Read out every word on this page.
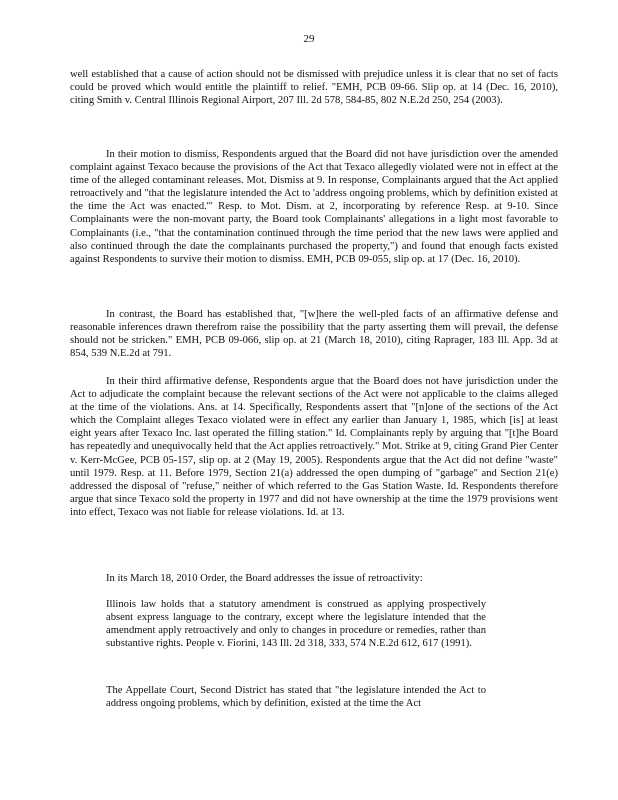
29

well established that a cause of action should not be dismissed with prejudice unless it is clear that no set of facts could be proved which would entitle the plaintiff to relief. "EMH, PCB 09-66. Slip op. at 14 (Dec. 16, 2010), citing Smith v. Central Illinois Regional Airport, 207 Ill. 2d 578, 584-85, 802 N.E.2d 250, 254 (2003).

In their motion to dismiss, Respondents argued that the Board did not have jurisdiction over the amended complaint against Texaco because the provisions of the Act that Texaco allegedly violated were not in effect at the time of the alleged contaminant releases. Mot. Dismiss at 9. In response, Complainants argued that the Act applied retroactively and "that the legislature intended the Act to 'address ongoing problems, which by definition existed at the time the Act was enacted.'" Resp. to Mot. Dism. at 2, incorporating by reference Resp. at 9-10. Since Complainants were the non-movant party, the Board took Complainants' allegations in a light most favorable to Complainants (i.e., "that the contamination continued through the time period that the new laws were applied and also continued through the date the complainants purchased the property,") and found that enough facts existed against Respondents to survive their motion to dismiss. EMH, PCB 09-055, slip op. at 17 (Dec. 16, 2010).

In contrast, the Board has established that, "[w]here the well-pled facts of an affirmative defense and reasonable inferences drawn therefrom raise the possibility that the party asserting them will prevail, the defense should not be stricken." EMH, PCB 09-066, slip op. at 21 (March 18, 2010), citing Raprager, 183 Ill. App. 3d at 854, 539 N.E.2d at 791.

In their third affirmative defense, Respondents argue that the Board does not have jurisdiction under the Act to adjudicate the complaint because the relevant sections of the Act were not applicable to the claims alleged at the time of the violations. Ans. at 14. Specifically, Respondents assert that "[n]one of the sections of the Act which the Complaint alleges Texaco violated were in effect any earlier than January 1, 1985, which [is] at least eight years after Texaco Inc. last operated the filling station." Id. Complainants reply by arguing that "[t]he Board has repeatedly and unequivocally held that the Act applies retroactively." Mot. Strike at 9, citing Grand Pier Center v. Kerr-McGee, PCB 05-157, slip op. at 2 (May 19, 2005). Respondents argue that the Act did not define "waste" until 1979. Resp. at 11. Before 1979, Section 21(a) addressed the open dumping of "garbage" and Section 21(e) addressed the disposal of "refuse," neither of which referred to the Gas Station Waste. Id. Respondents therefore argue that since Texaco sold the property in 1977 and did not have ownership at the time the 1979 provisions went into effect, Texaco was not liable for release violations. Id. at 13.

In its March 18, 2010 Order, the Board addresses the issue of retroactivity:

Illinois law holds that a statutory amendment is construed as applying prospectively absent express language to the contrary, except where the legislature intended that the amendment apply retroactively and only to changes in procedure or remedies, rather than substantive rights. People v. Fiorini, 143 Ill. 2d 318, 333, 574 N.E.2d 612, 617 (1991).

The Appellate Court, Second District has stated that "the legislature intended the Act to address ongoing problems, which by definition, existed at the time the Act
